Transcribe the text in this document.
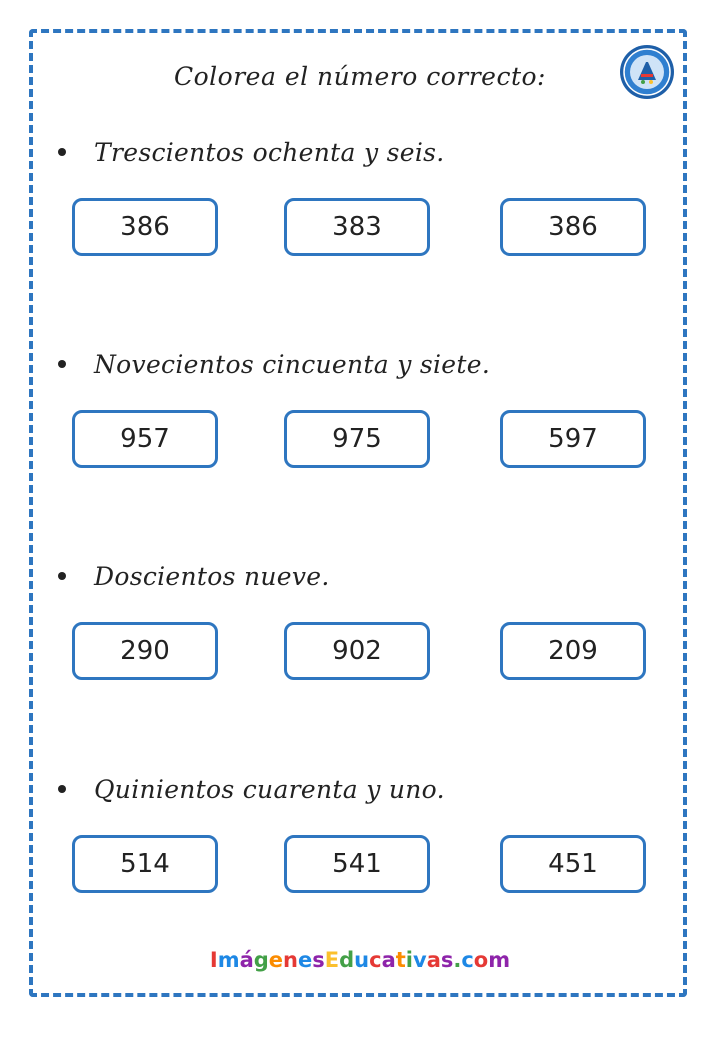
Colorea el número correcto:
Trescientos ochenta y seis.
386	383	386
Novecientos cincuenta y siete.
957	975	597
Doscientos nueve.
290	902	209
Quinientos cuarenta y uno.
514	541	451
ImágenesEducativas.com
